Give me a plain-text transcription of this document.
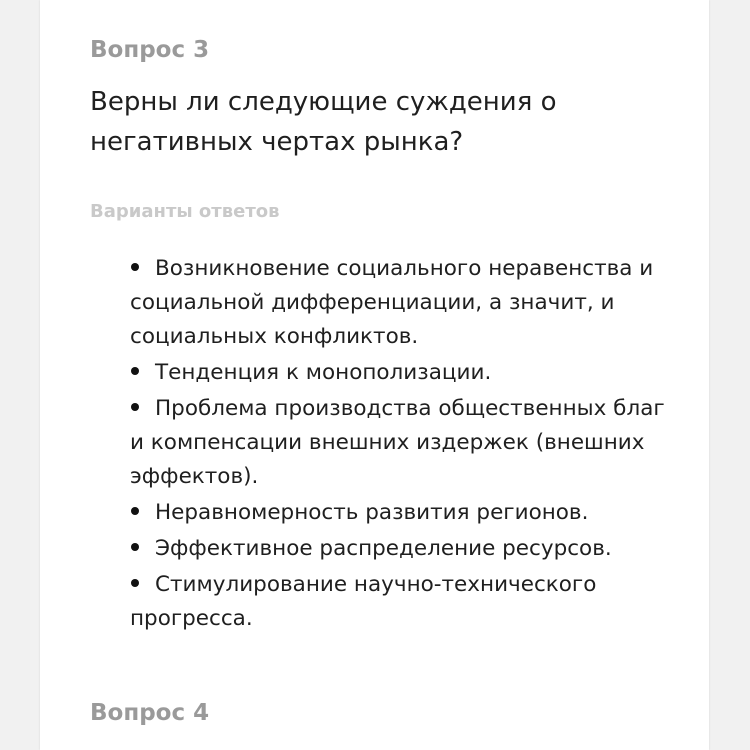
Вопрос 3
Верны ли следующие суждения о негативных чертах рынка?
Варианты ответов
Возникновение социального неравенства и социальной дифференциации, а значит, и социальных конфликтов.
Тенденция к монополизации.
Проблема производства общественных благ и компенсации внешних издержек (внешних эффектов).
Неравномерность развития регионов.
Эффективное распределение ресурсов.
Стимулирование научно-технического прогресса.
Вопрос 4
